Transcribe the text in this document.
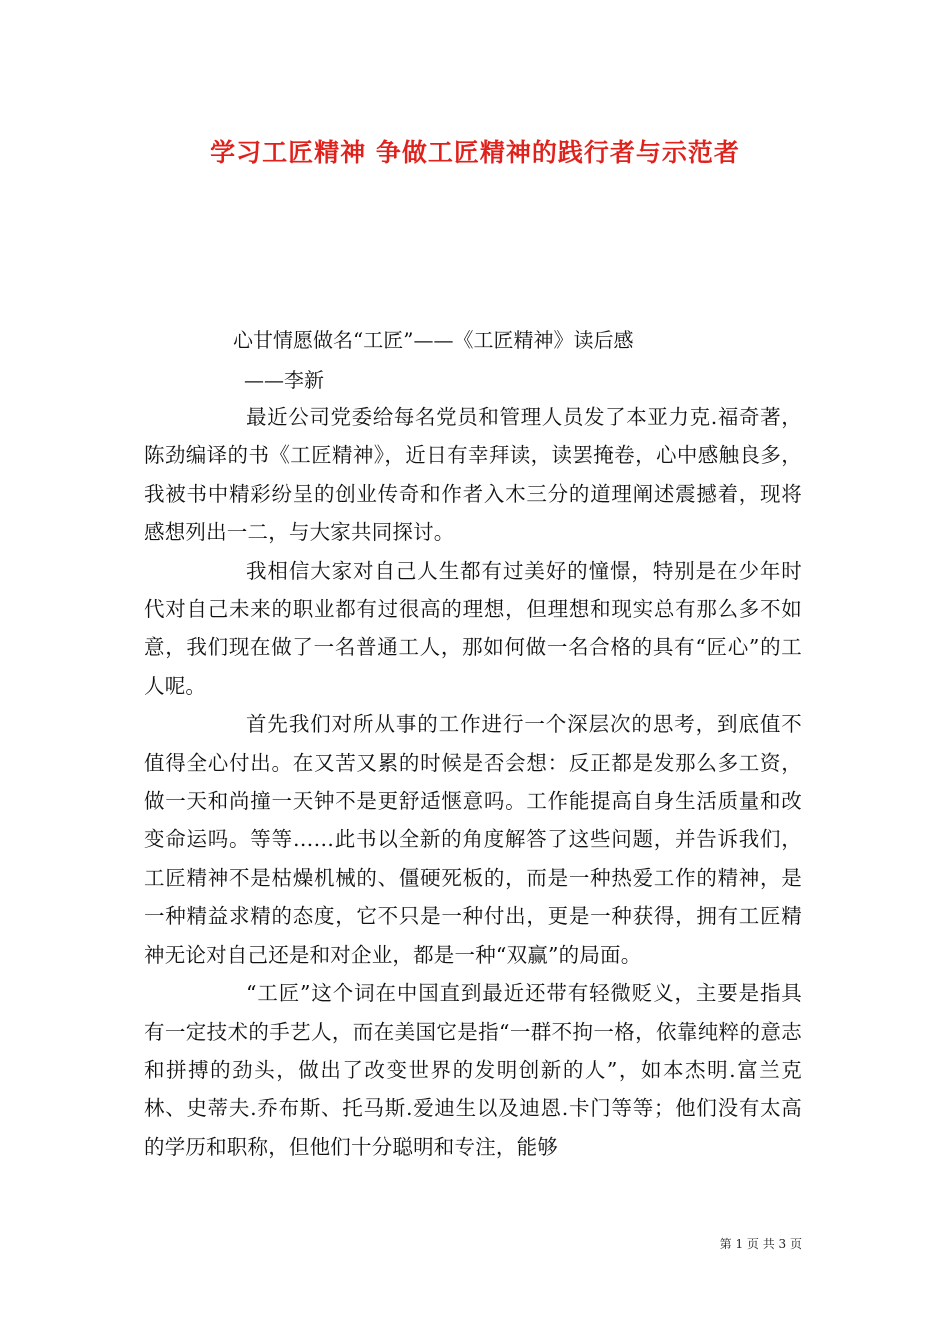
学习工匠精神 争做工匠精神的践行者与示范者
心甘情愿做名“工匠”——《工匠精神》读后感
——李新

最近公司党委给每名党员和管理人员发了本亚力克.福奇著，陈劲编译的书《工匠精神》，近日有幸拜读，读罢掩卷，心中感触良多，我被书中精彩纷呈的创业传奇和作者入木三分的道理阐述震撼着，现将感想列出一二，与大家共同探讨。

我相信大家对自己人生都有过美好的憧憬，特别是在少年时代对自己未来的职业都有过很高的理想，但理想和现实总有那么多不如意，我们现在做了一名普通工人，那如何做一名合格的具有“匠心”的工人呢。

首先我们对所从事的工作进行一个深层次的思考，到底值不值得全心付出。在又苦又累的时候是否会想：反正都是发那么多工资，做一天和尚撞一天钟不是更舒适惬意吗。工作能提高自身生活质量和改变命运吗。等等……此书以全新的角度解答了这些问题，并告诉我们，工匠精神不是枯燥机械的、僵硬死板的，而是一种热爱工作的精神，是一种精益求精的态度，它不只是一种付出，更是一种获得，拥有工匠精神无论对自己还是和对企业，都是一种“双赢”的局面。

“工匠”这个词在中国直到最近还带有轻微贬义，主要是指具有一定技术的手艺人，而在美国它是指“一群不拘一格，依靠纯粹的意志和拼搏的劲头，做出了改变世界的发明创新的人”，如本杰明.富兰克林、史蒂夫.乔布斯、托马斯.爱迪生以及迪恩.卡门等等；他们没有太高的学历和职称，但他们十分聪明和专注，能够

第 1 页 共 3 页
